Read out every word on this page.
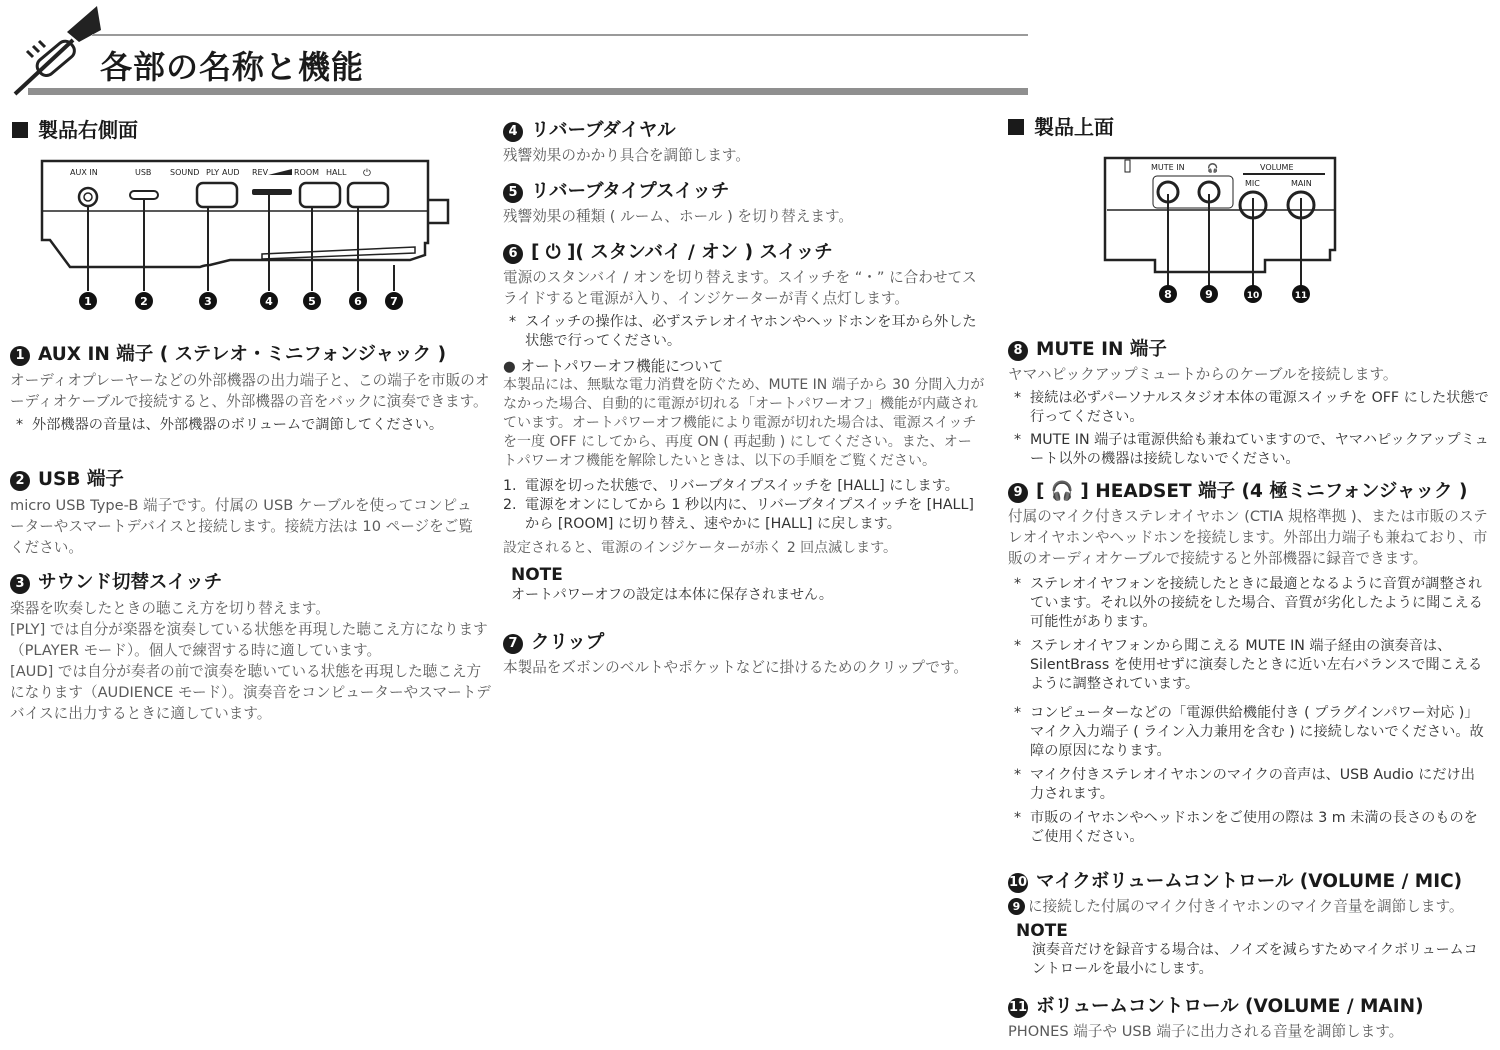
各部の名称と機能
製品右側面
AUX IN	USB SOUND PLY AUD REV	ROOM HALL ⏻
1	2	3	4	5	6	7
1 AUX IN 端子 ( ステレオ・ミニフォンジャック )
オーディオプレーヤーなどの外部機器の出力端子と、この端子を市販のオーディオケーブルで接続すると、外部機器の音をバックに演奏できます。
* 外部機器の音量は、外部機器のボリュームで調節してください。
2 USB 端子
micro USB Type-B 端子です。付属の USB ケーブルを使ってコンピューターやスマートデバイスと接続します。接続方法は 10 ページをご覧ください。
3 サウンド切替スイッチ
楽器を吹奏したときの聴こえ方を切り替えます。
[PLY] では自分が楽器を演奏している状態を再現した聴こえ方になります（PLAYER モード）。個人で練習する時に適しています。
[AUD] では自分が奏者の前で演奏を聴いている状態を再現した聴こえ方になります（AUDIENCE モード）。演奏音をコンピューターやスマートデバイスに出力するときに適しています。
4 リバーブダイヤル
残響効果のかかり具合を調節します。
5 リバーブタイプスイッチ
残響効果の種類 ( ルーム、ホール ) を切り替えます。
6 [ ⏻ ]( スタンバイ / オン ) スイッチ
電源のスタンバイ / オンを切り替えます。スイッチを “・” に合わせてスライドすると電源が入り、インジケーターが青く点灯します。
* スイッチの操作は、必ずステレオイヤホンやヘッドホンを耳から外した状態で行ってください。
● オートパワーオフ機能について
本製品には、無駄な電力消費を防ぐため、MUTE IN 端子から 30 分間入力がなかった場合、自動的に電源が切れる「オートパワーオフ」機能が内蔵されています。オートパワーオフ機能により電源が切れた場合は、電源スイッチを一度 OFF にしてから、再度 ON ( 再起動 ) にしてください。また、オートパワーオフ機能を解除したいときは、以下の手順をご覧ください。
1. 電源を切った状態で、リバーブタイプスイッチを [HALL] にします。
2. 電源をオンにしてから 1 秒以内に、リバーブタイプスイッチを [HALL] から [ROOM] に切り替え、速やかに [HALL] に戻します。
設定されると、電源のインジケーターが赤く 2 回点滅します。
NOTE
オートパワーオフの設定は本体に保存されません。
7 クリップ
本製品をズボンのベルトやポケットなどに掛けるためのクリップです。
製品上面
MUTE IN 🎧	VOLUME
MIC	MAIN
8	9	10	11
8 MUTE IN 端子
ヤマハピックアップミュートからのケーブルを接続します。
* 接続は必ずパーソナルスタジオ本体の電源スイッチを OFF にした状態で行ってください。
* MUTE IN 端子は電源供給も兼ねていますので、ヤマハピックアップミュート以外の機器は接続しないでください。
9 [ 🎧 ] HEADSET 端子 (4 極ミニフォンジャック )
付属のマイク付きステレオイヤホン (CTIA 規格準拠 )、または市販のステレオイヤホンやヘッドホンを接続します。外部出力端子も兼ねており、市販のオーディオケーブルで接続すると外部機器に録音できます。
* ステレオイヤフォンを接続したときに最適となるように音質が調整されています。それ以外の接続をした場合、音質が劣化したように聞こえる可能性があります。
* ステレオイヤフォンから聞こえる MUTE IN 端子経由の演奏音は、SilentBrass を使用せずに演奏したときに近い左右バランスで聞こえるように調整されています。
* コンピューターなどの「電源供給機能付き ( プラグインパワー対応 )」マイク入力端子 ( ライン入力兼用を含む ) に接続しないでください。故障の原因になります。
* マイク付きステレオイヤホンのマイクの音声は、USB Audio にだけ出力されます。
* 市販のイヤホンやヘッドホンをご使用の際は 3 m 未満の長さのものをご使用ください。
10 マイクボリュームコントロール (VOLUME / MIC)
9 に接続した付属のマイク付きイヤホンのマイク音量を調節します。
NOTE
演奏音だけを録音する場合は、ノイズを減らすためマイクボリュームコントロールを最小にします。
11 ボリュームコントロール (VOLUME / MAIN)
PHONES 端子や USB 端子に出力される音量を調節します。
